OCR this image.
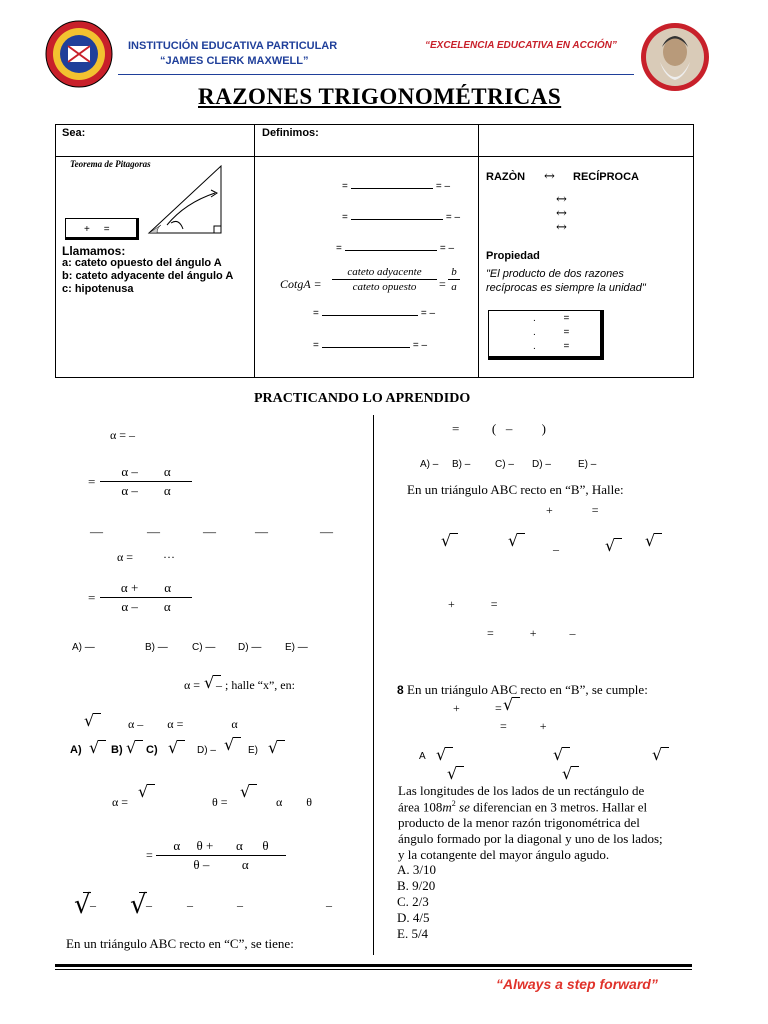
INSTITUCIÓN EDUCATIVA PARTICULAR
“JAMES CLERK MAXWELL”
“EXCELENCIA EDUCATIVA EN ACCIÓN”
RAZONES TRIGONOMÉTRICAS
Sea:	Definimos:
Teorema de Pitagoras
+     =
Llamamos:
a: cateto opuesto del ángulo A
b: cateto adyacente del ángulo A
c: hipotenusa
=	= –
=	= –
=	= –
CotgA =
cateto adyacente
cateto opuesto	=
b
a
=	= –
=	= –
RAZÒN ↔ RECÍPROCA
↔
↔
↔
Propiedad
"El producto de dos razones
recíprocas es siempre la unidad"
.          =
.          =
.          =
PRACTICANDO LO APRENDIDO
α = –
=
α –        α
α –        α
—	—	—	—	—
α =          ···
=
α +        α
α –        α
A) —	B) — C) — D) — E) —
α = √ – ; halle “x”, en:
√	α –        α =                α
A) √ B) √ C) √ D) – √ E) √
α =
√
θ =
√
α        θ
=
α     θ +       α      θ
θ –          α
√ – √ –	–	–	–
En un triángulo ABC recto en “C”, se tiene:
=          (   –         )
A) – B) – C) – D) –	E) –
En un triángulo ABC recto en “B”, Halle:
+             =
√	√	–	√ √
+            =
=            +           –
8 En un triángulo ABC recto en “B”, se cumple:
+	= √
=           +
A √	√	√
√	√
Las longitudes de los lados de un rectángulo de
área $108m^2$ se diferencian en 3 metros. Hallar el
producto de la menor razón trigonométrica del
ángulo formado por la diagonal y uno de los lados;
y la cotangente del mayor ángulo agudo.
A. 3/10
B. 9/20
C. 2/3
D. 4/5
E. 5/4
“Always a step forward”
